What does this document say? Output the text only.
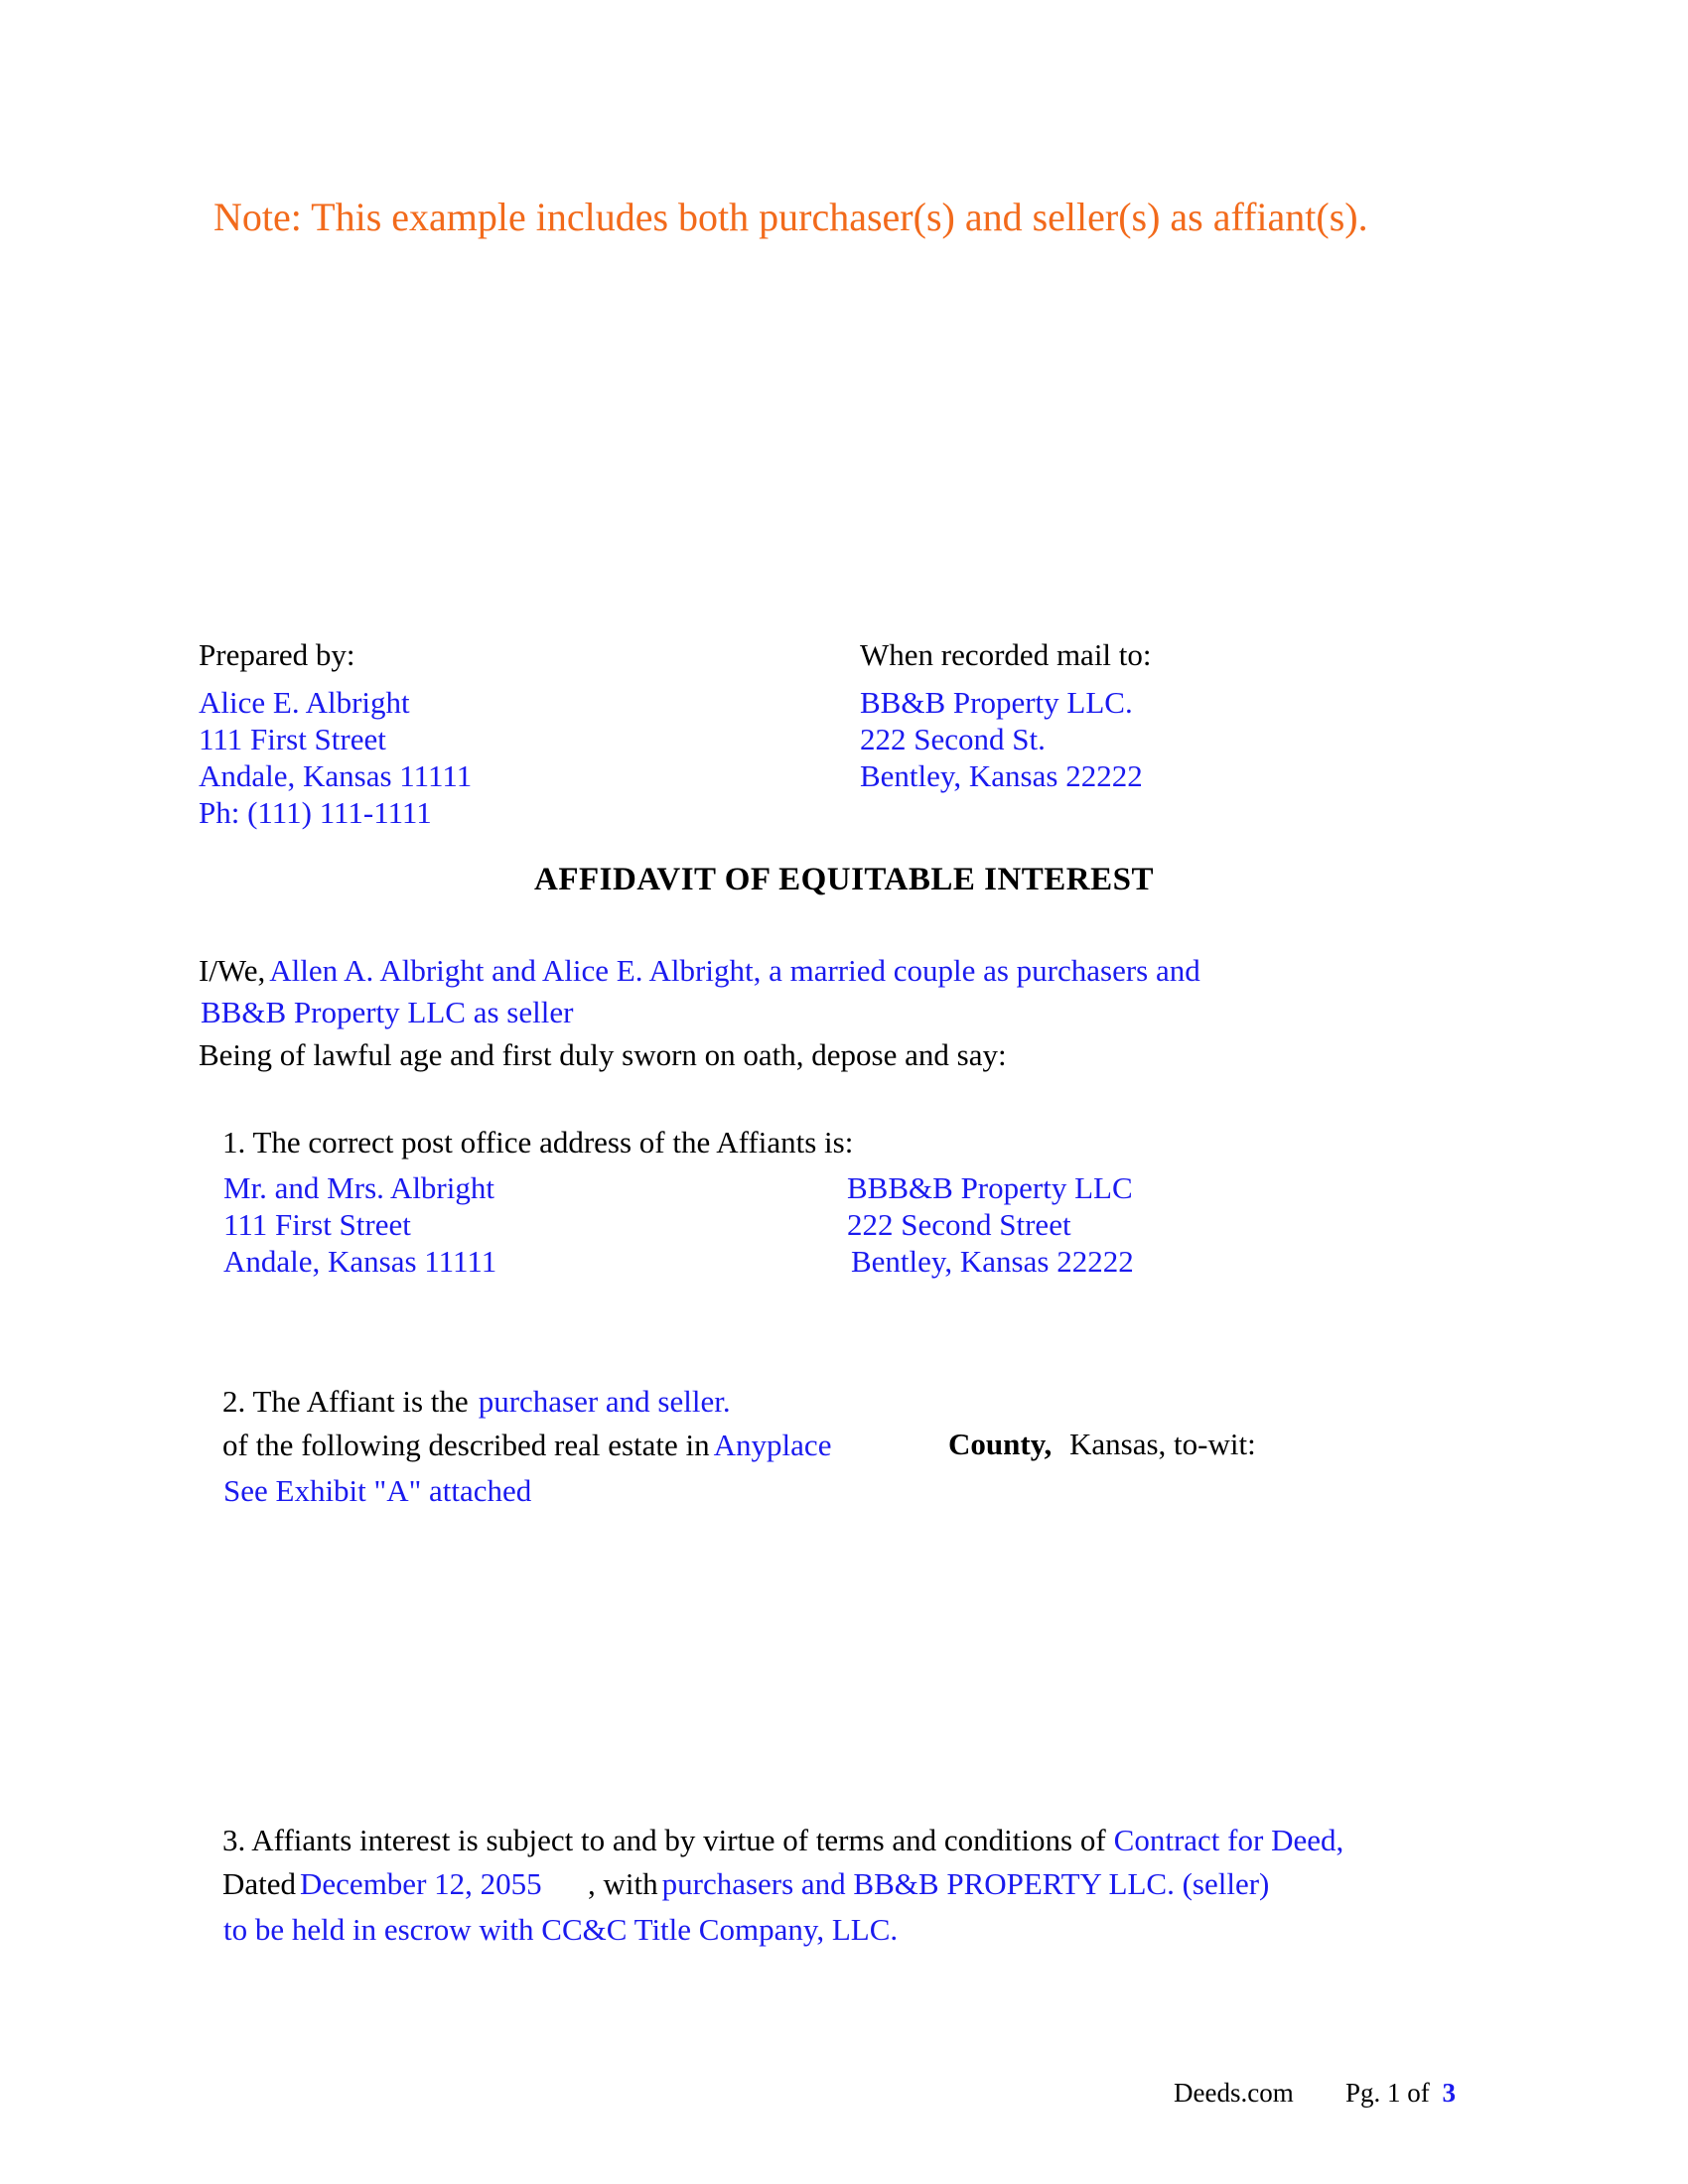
Note: This example includes both purchaser(s) and seller(s) as affiant(s).
Prepared by:
Alice E. Albright
111 First Street
Andale, Kansas 11111
Ph: (111) 111-1111
When recorded mail to:
BB&B Property LLC.
222 Second St.
Bentley, Kansas 22222
AFFIDAVIT OF EQUITABLE INTEREST
I/We, Allen A. Albright and Alice E. Albright, a married couple as purchasers and
BB&B Property LLC as seller
Being of lawful age and first duly sworn on oath, depose and say:
1. The correct post office address of the Affiants is:
Mr. and Mrs. Albright
111 First Street
Andale, Kansas 11111
BBB&B Property LLC
222 Second Street
Bentley, Kansas 22222
2. The Affiant is the purchaser and seller.
of the following described real estate in Anyplace	County, Kansas, to-wit:
See Exhibit "A" attached
3. Affiants interest is subject to and by virtue of terms and conditions of Contract for Deed,
Dated December 12, 2055 , with purchasers and BB&B PROPERTY LLC. (seller)
to be held in escrow with CC&C Title Company, LLC.
Deeds.com Pg. 1 of 3
